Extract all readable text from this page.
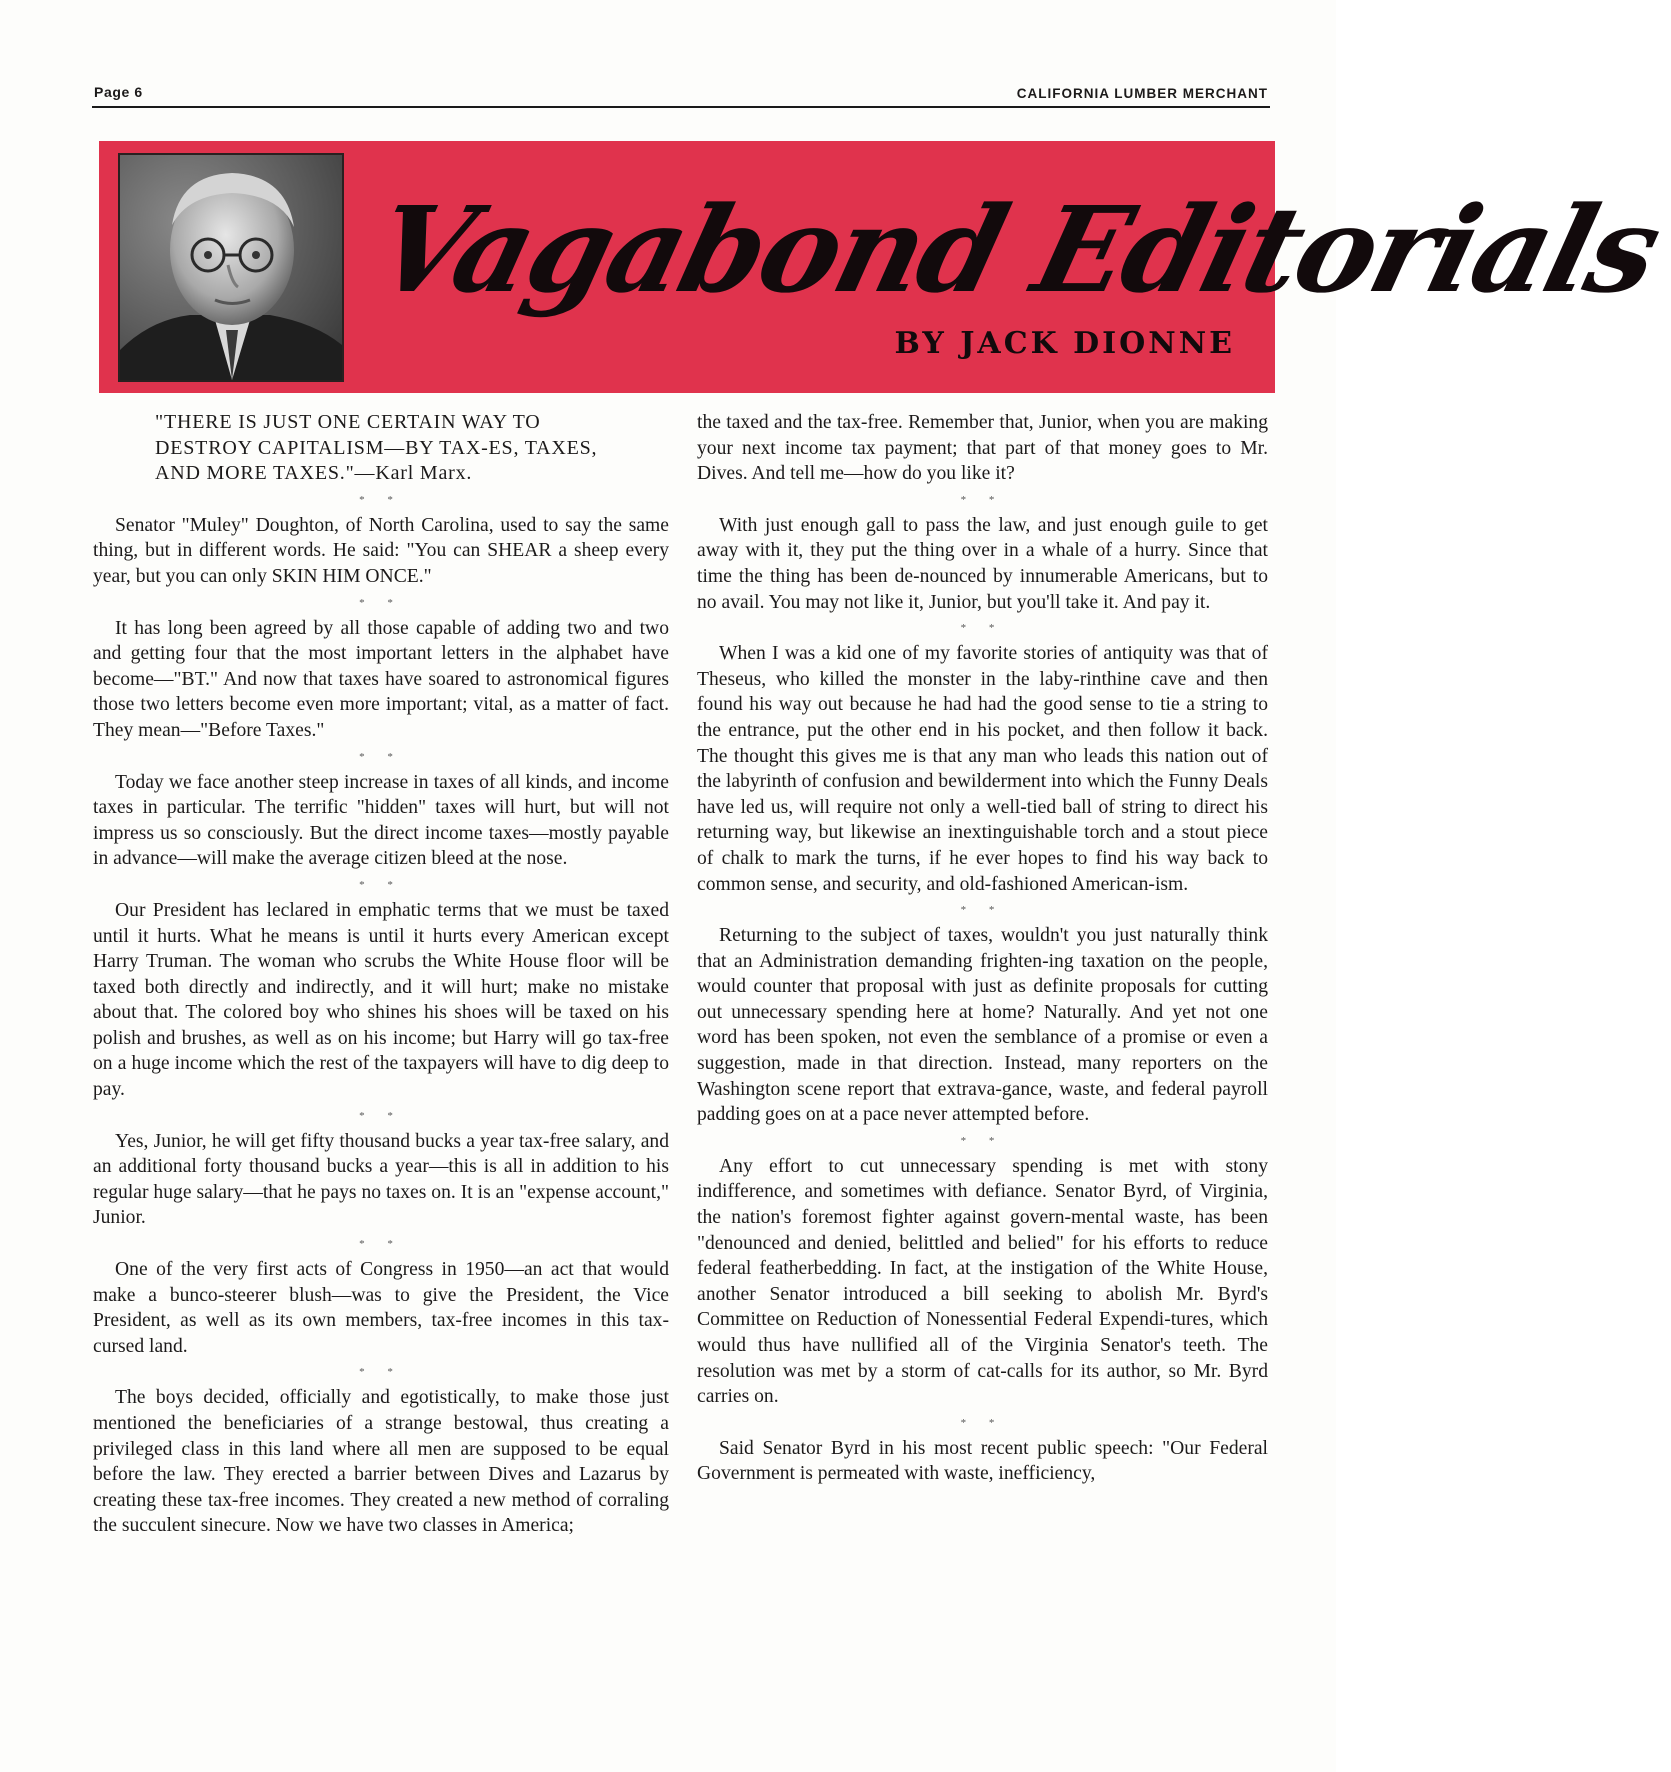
Page 6	CALIFORNIA LUMBER MERCHANT
Vagabond Editorials
BY JACK DIONNE

"THERE IS JUST ONE CERTAIN WAY TO DESTROY CAPITALISM—BY TAX-ES, TAXES, AND MORE TAXES."—Karl Marx.

* *

Senator "Muley" Doughton, of North Carolina, used to say the same thing, but in different words. He said: "You can SHEAR a sheep every year, but you can only SKIN HIM ONCE."

* *

It has long been agreed by all those capable of adding two and two and getting four that the most important letters in the alphabet have become—"BT." And now that taxes have soared to astronomical figures those two letters become even more important; vital, as a matter of fact. They mean—"Before Taxes."

* *

Today we face another steep increase in taxes of all kinds, and income taxes in particular. The terrific "hidden" taxes will hurt, but will not impress us so consciously. But the direct income taxes—mostly payable in advance—will make the average citizen bleed at the nose.

* *

Our President has leclared in emphatic terms that we must be taxed until it hurts. What he means is until it hurts every American except Harry Truman. The woman who scrubs the White House floor will be taxed both directly and indirectly, and it will hurt; make no mistake about that. The colored boy who shines his shoes will be taxed on his polish and brushes, as well as on his income; but Harry will go tax-free on a huge income which the rest of the taxpayers will have to dig deep to pay.

* *

Yes, Junior, he will get fifty thousand bucks a year tax-free salary, and an additional forty thousand bucks a year—this is all in addition to his regular huge salary—that he pays no taxes on. It is an "expense account," Junior.

* *

One of the very first acts of Congress in 1950—an act that would make a bunco-steerer blush—was to give the President, the Vice President, as well as its own members, tax-free incomes in this tax-cursed land.

* *

The boys decided, officially and egotistically, to make those just mentioned the beneficiaries of a strange bestowal, thus creating a privileged class in this land where all men are supposed to be equal before the law. They erected a barrier between Dives and Lazarus by creating these tax-free incomes. They created a new method of corraling the succulent sinecure. Now we have two classes in America;

the taxed and the tax-free. Remember that, Junior, when you are making your next income tax payment; that part of that money goes to Mr. Dives. And tell me—how do you like it?

* *

With just enough gall to pass the law, and just enough guile to get away with it, they put the thing over in a whale of a hurry. Since that time the thing has been de-nounced by innumerable Americans, but to no avail. You may not like it, Junior, but you'll take it. And pay it.

* *

When I was a kid one of my favorite stories of antiquity was that of Theseus, who killed the monster in the laby-rinthine cave and then found his way out because he had had the good sense to tie a string to the entrance, put the other end in his pocket, and then follow it back. The thought this gives me is that any man who leads this nation out of the labyrinth of confusion and bewilderment into which the Funny Deals have led us, will require not only a well-tied ball of string to direct his returning way, but likewise an inextinguishable torch and a stout piece of chalk to mark the turns, if he ever hopes to find his way back to common sense, and security, and old-fashioned American-ism.

* *

Returning to the subject of taxes, wouldn't you just naturally think that an Administration demanding frighten-ing taxation on the people, would counter that proposal with just as definite proposals for cutting out unnecessary spending here at home? Naturally. And yet not one word has been spoken, not even the semblance of a promise or even a suggestion, made in that direction. Instead, many reporters on the Washington scene report that extrava-gance, waste, and federal payroll padding goes on at a pace never attempted before.

* *

Any effort to cut unnecessary spending is met with stony indifference, and sometimes with defiance. Senator Byrd, of Virginia, the nation's foremost fighter against govern-mental waste, has been "denounced and denied, belittled and belied" for his efforts to reduce federal featherbedding. In fact, at the instigation of the White House, another Senator introduced a bill seeking to abolish Mr. Byrd's Committee on Reduction of Nonessential Federal Expendi-tures, which would thus have nullified all of the Virginia Senator's teeth. The resolution was met by a storm of cat-calls for its author, so Mr. Byrd carries on.

* *

Said Senator Byrd in his most recent public speech: "Our Federal Government is permeated with waste, inefficiency,
